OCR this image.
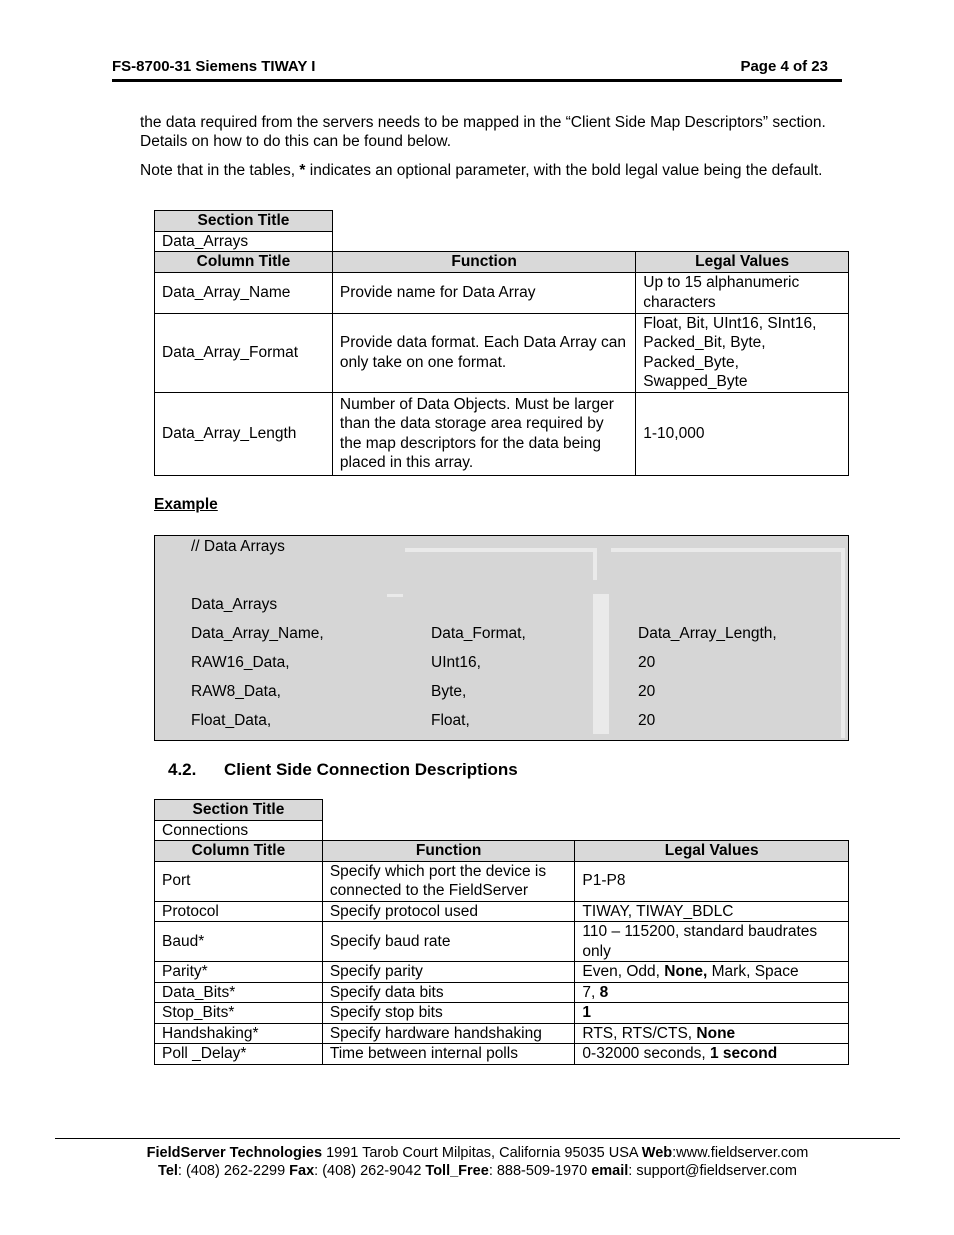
FS-8700-31 Siemens TIWAY I	Page 4 of 23
the data required from the servers needs to be mapped in the “Client Side Map Descriptors” section. Details on how to do this can be found below.
Note that in the tables, * indicates an optional parameter, with the bold legal value being the default.
Section Title		
Data_Arrays		
Column Title	Function	Legal Values
Data_Array_Name	Provide name for Data Array	Up to 15 alphanumeric characters
Data_Array_Format	Provide data format. Each Data Array can only take on one format.	Float, Bit, UInt16, SInt16, Packed_Bit, Byte, Packed_Byte, Swapped_Byte
Data_Array_Length	Number of Data Objects. Must be larger than the data storage area required by the map descriptors for the data being placed in this array.	1-10,000
Example
// Data Arrays
Data_Arrays
Data_Array_Name,	Data_Format,	Data_Array_Length,
RAW16_Data,	UInt16,	20
RAW8_Data,	Byte,	20
Float_Data,	Float,	20
4.2. Client Side Connection Descriptions
Section Title		
Connections		
Column Title	Function	Legal Values
Port	Specify which port the device is connected to the FieldServer	P1-P8
Protocol	Specify protocol used	TIWAY, TIWAY_BDLC
Baud*	Specify baud rate	110 – 115200, standard baudrates only
Parity*	Specify parity	Even, Odd, None, Mark, Space
Data_Bits*	Specify data bits	7, 8
Stop_Bits*	Specify stop bits	1
Handshaking*	Specify hardware handshaking	RTS, RTS/CTS, None
Poll _Delay*	Time between internal polls	0-32000 seconds, 1 second
FieldServer Technologies 1991 Tarob Court Milpitas, California 95035 USA Web:www.fieldserver.com
Tel: (408) 262-2299 Fax: (408) 262-9042 Toll_Free: 888-509-1970 email: support@fieldserver.com
